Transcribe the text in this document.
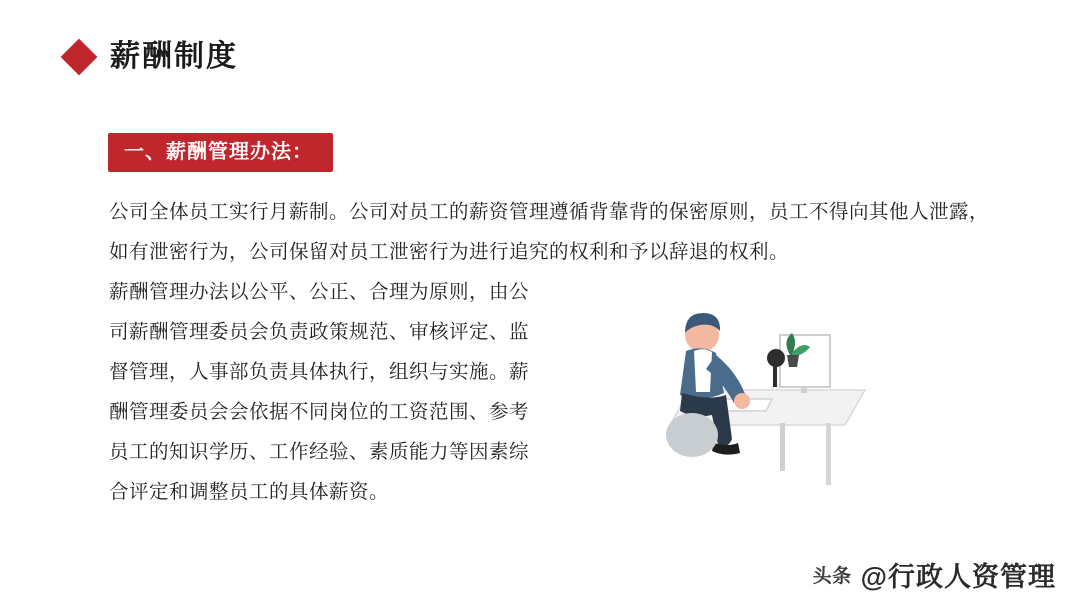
薪酬制度
一、薪酬管理办法：
公司全体员工实行月薪制。公司对员工的薪资管理遵循背靠背的保密原则，员工不得向其他人泄露，如有泄密行为，公司保留对员工泄密行为进行追究的权利和予以辞退的权利。
薪酬管理办法以公平、公正、合理为原则，由公司薪酬管理委员会负责政策规范、审核评定、监督管理，人事部负责具体执行，组织与实施。薪酬管理委员会会依据不同岗位的工资范围、参考员工的知识学历、工作经验、素质能力等因素综合评定和调整员工的具体薪资。
头条 @行政人资管理
